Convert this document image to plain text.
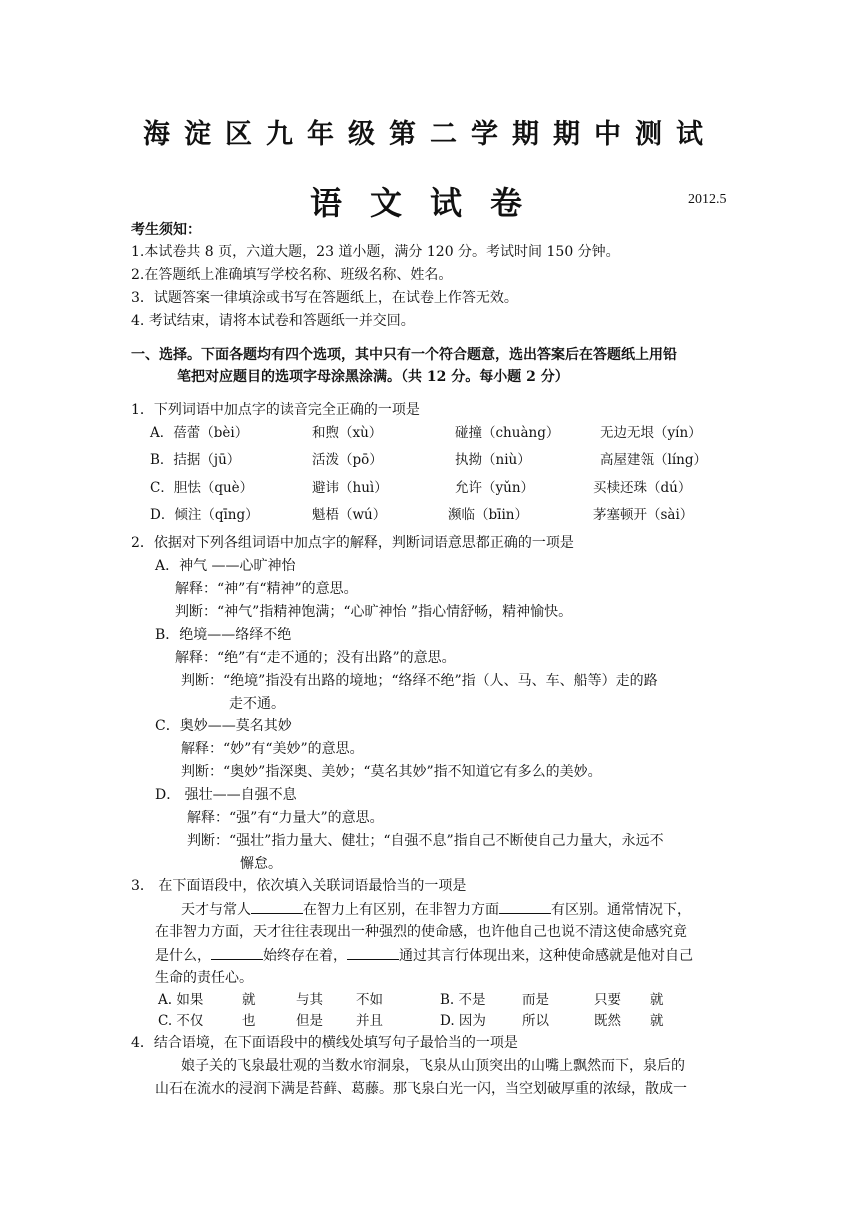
海淀区九年级第二学期期中测试
语文试卷	2012.5
考生须知：
1.本试卷共 8 页，六道大题，23 道小题，满分 120 分。考试时间 150 分钟。
2.在答题纸上准确填写学校名称、班级名称、姓名。
3．试题答案一律填涂或书写在答题纸上，在试卷上作答无效。
4. 考试结束，请将本试卷和答题纸一并交回。
一、选择。下面各题均有四个选项，其中只有一个符合题意，选出答案后在答题纸上用铅
笔把对应题目的选项字母涂黑涂满。（共 12 分。每小题 2 分）
1．下列词语中加点字的读音完全正确的一项是
A．蓓蕾（bèi）	和煦（xù）	碰撞（chuàng）	无边无垠（yín）
B．拮据（jū）	活泼（pō）	执拗（niù）	高屋建瓴（líng）
C．胆怯（què）	避讳（huì）	允许（yǔn）	买椟还珠（dú）
D．倾注（qīng）	魁梧（wú）	濒临（bīin）	茅塞顿开（sài）
2．依据对下列各组词语中加点字的解释，判断词语意思都正确的一项是
A．神气 ——心旷神怡
解释：“神”有“精神”的意思。
判断：“神气”指精神饱满；“心旷神怡 ”指心情舒畅，精神愉快。
B．绝境——络绎不绝
解释：“绝”有“走不通的；没有出路”的意思。
判断：“绝境”指没有出路的境地；“络绎不绝”指（人、马、车、船等）走的路
走不通。
C．奥妙——莫名其妙
解释：“妙”有“美妙”的意思。
判断：“奥妙”指深奥、美妙；“莫名其妙”指不知道它有多么的美妙。
D． 强壮——自强不息
解释：“强”有“力量大”的意思。
判断：“强壮”指力量大、健壮；“自强不息”指自己不断使自己力量大，永远不
懈怠。
3． 在下面语段中，依次填入关联词语最恰当的一项是
天才与常人	在智力上有区别，在非智力方面	有区别。通常情况下，
在非智力方面，天才往往表现出一种强烈的使命感，也许他自己也说不清这使命感究竟
是什么，	始终存在着，	通过其言行体现出来，这种使命感就是他对自己
生命的责任心。
A. 如果	就	与其 不如	B. 不是	而是	只要 就
C. 不仅	也	但是 并且	D. 因为	所以	既然 就
4．结合语境，在下面语段中的横线处填写句子最恰当的一项是
娘子关的飞泉最壮观的当数水帘洞泉，飞泉从山顶突出的山嘴上飘然而下，泉后的
山石在流水的浸润下满是苔藓、葛藤。那飞泉白光一闪，当空划破厚重的浓绿，散成一
